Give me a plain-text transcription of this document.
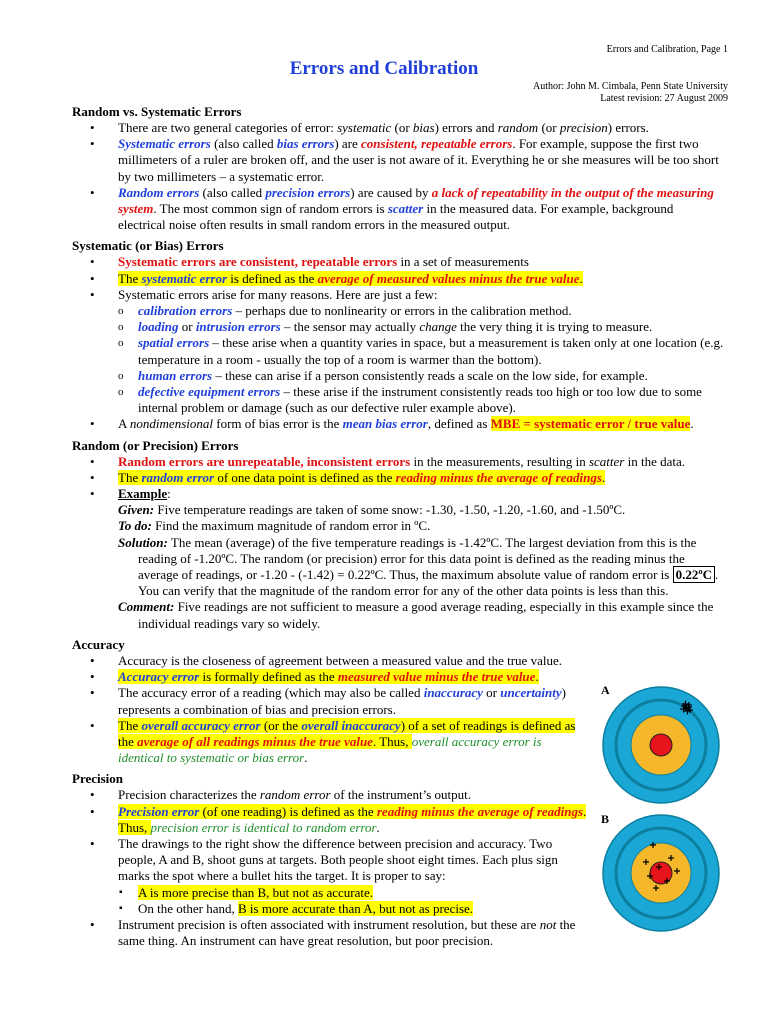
Errors and Calibration, Page 1
Errors and Calibration
Author: John M. Cimbala, Penn State University
Latest revision: 27 August 2009
Random vs. Systematic Errors
• There are two general categories of error: systematic (or bias) errors and random (or precision) errors.
• Systematic errors (also called bias errors) are consistent, repeatable errors. For example, suppose the first two millimeters of a ruler are broken off, and the user is not aware of it. Everything he or she measures will be too short by two millimeters – a systematic error.
• Random errors (also called precision errors) are caused by a lack of repeatability in the output of the measuring system. The most common sign of random errors is scatter in the measured data. For example, background electrical noise often results in small random errors in the measured output.
Systematic (or Bias) Errors
• Systematic errors are consistent, repeatable errors in a set of measurements
• The systematic error is defined as the average of measured values minus the true value.
• Systematic errors arise for many reasons. Here are just a few:
o calibration errors – perhaps due to nonlinearity or errors in the calibration method.
o loading or intrusion errors – the sensor may actually change the very thing it is trying to measure.
o spatial errors – these arise when a quantity varies in space, but a measurement is taken only at one location (e.g. temperature in a room - usually the top of a room is warmer than the bottom).
o human errors – these can arise if a person consistently reads a scale on the low side, for example.
o defective equipment errors – these arise if the instrument consistently reads too high or too low due to some internal problem or damage (such as our defective ruler example above).
• A nondimensional form of bias error is the mean bias error, defined as MBE = systematic error / true value.
Random (or Precision) Errors
• Random errors are unrepeatable, inconsistent errors in the measurements, resulting in scatter in the data.
• The random error of one data point is defined as the reading minus the average of readings.
• Example:
Given: Five temperature readings are taken of some snow: -1.30, -1.50, -1.20, -1.60, and -1.50ºC.
To do: Find the maximum magnitude of random error in ºC.
Solution: The mean (average) of the five temperature readings is -1.42ºC. The largest deviation from this is the reading of -1.20ºC. The random (or precision) error for this data point is defined as the reading minus the average of readings, or -1.20 - (-1.42) = 0.22ºC. Thus, the maximum absolute value of random error is 0.22ºC . You can verify that the magnitude of the random error for any of the other data points is less than this.
Comment: Five readings are not sufficient to measure a good average reading, especially in this example since the individual readings vary so widely.
Accuracy
• Accuracy is the closeness of agreement between a measured value and the true value.
• Accuracy error is formally defined as the measured value minus the true value.
• The accuracy error of a reading (which may also be called inaccuracy or uncertainty) represents a combination of bias and precision errors.
• The overall accuracy error (or the overall inaccuracy) of a set of readings is defined as the average of all readings minus the true value. Thus, overall accuracy error is identical to systematic or bias error.
Precision
• Precision characterizes the random error of the instrument’s output.
• Precision error (of one reading) is defined as the reading minus the average of readings. Thus, precision error is identical to random error.
• The drawings to the right show the difference between precision and accuracy. Two people, A and B, shoot guns at targets. Both people shoot eight times. Each plus sign marks the spot where a bullet hits the target. It is proper to say:
▪ A is more precise than B, but not as accurate.
▪ On the other hand, B is more accurate than A, but not as precise.
• Instrument precision is often associated with instrument resolution, but these are not the same thing. An instrument can have great resolution, but poor precision.
A
B
